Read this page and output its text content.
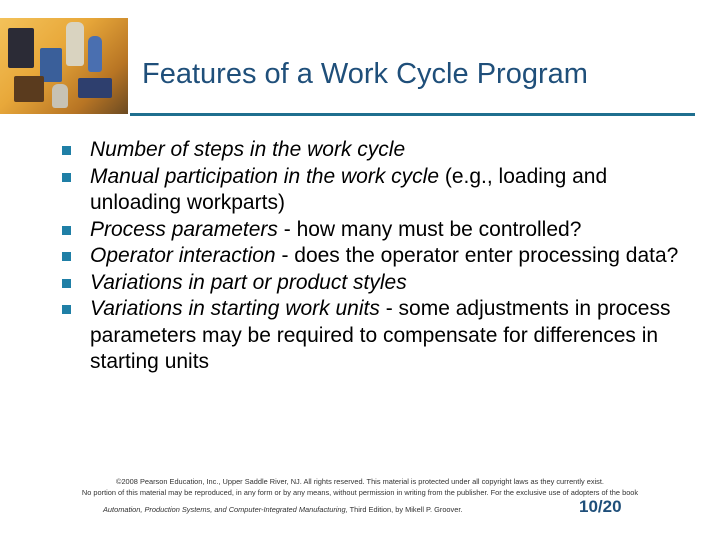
Features of a Work Cycle Program
Number of steps in the work cycle
Manual participation in the work cycle (e.g., loading and unloading workparts)
Process parameters - how many must be controlled?
Operator interaction - does the operator enter processing data?
Variations in part or product styles
Variations in starting work units - some adjustments in process parameters may be required to compensate for differences in starting units
©2008 Pearson Education, Inc., Upper Saddle River, NJ. All rights reserved. This material is protected under all copyright laws as they currently exist.
No portion of this material may be reproduced, in any form or by any means, without permission in writing from the publisher. For the exclusive use of adopters of the book
Automation, Production Systems, and Computer-Integrated Manufacturing, Third Edition, by Mikell P. Groover.	10/20
